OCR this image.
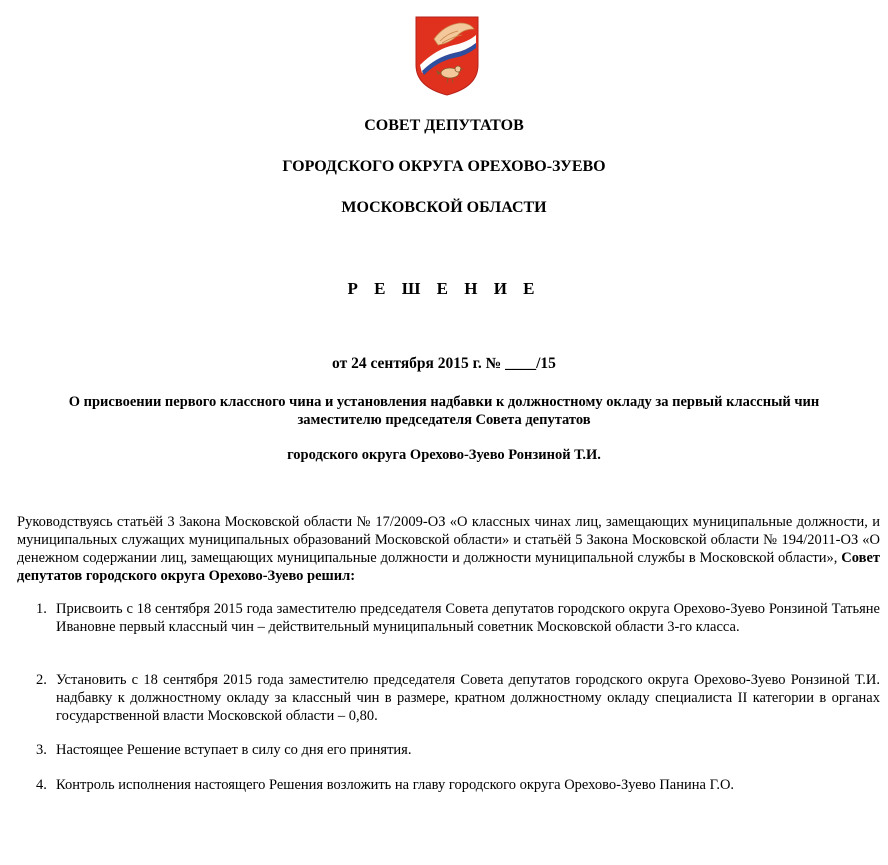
СОВЕТ ДЕПУТАТОВ
ГОРОДСКОГО ОКРУГА ОРЕХОВО-ЗУЕВО
МОСКОВСКОЙ ОБЛАСТИ
Р Е Ш Е Н И Е
от 24 сентября 2015 г. № ____/15
О присвоении первого классного чина и установления надбавки к должностному окладу за первый классный чин
заместителю председателя Совета депутатов
городского округа Орехово-Зуево Ронзиной Т.И.
Руководствуясь статьёй 3 Закона Московской области № 17/2009-ОЗ «О классных чинах лиц, замещающих муниципальные должности, и муниципальных служащих муниципальных образований Московской области» и статьёй 5 Закона Московской области № 194/2011-ОЗ «О денежном содержании лиц, замещающих муниципальные должности и должности муниципальной службы в Московской области», Совет депутатов городского округа Орехово-Зуево решил:
1. Присвоить с 18 сентября 2015 года заместителю председателя Совета депутатов городского округа Орехово-Зуево Ронзиной Татьяне Ивановне первый классный чин – действительный муниципальный советник Московской области 3-го класса.
2. Установить с 18 сентября 2015 года заместителю председателя Совета депутатов городского округа Орехово-Зуево Ронзиной Т.И. надбавку к должностному окладу за классный чин в размере, кратном должностному окладу специалиста II категории в органах государственной власти Московской области – 0,80.
3. Настоящее Решение вступает в силу со дня его принятия.
4. Контроль исполнения настоящего Решения возложить на главу городского округа Орехово-Зуево Панина Г.О.
